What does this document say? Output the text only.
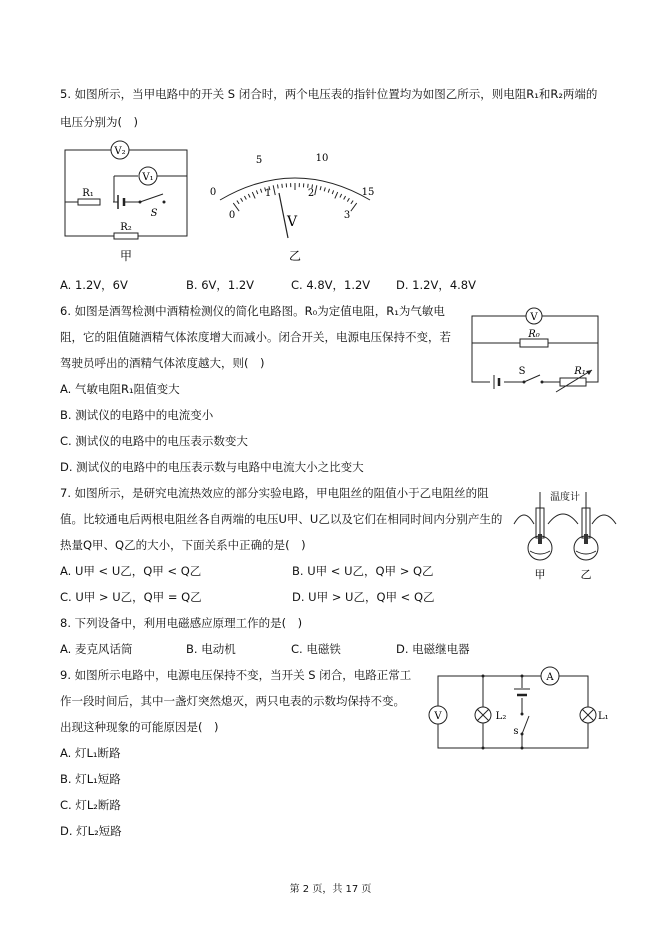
5. 如图所示，当甲电路中的开关 S 闭合时，两个电压表的指针位置均为如图乙所示，则电阻R₁和R₂两端的
电压分别为(　)
V₂
V₁
R₁
R₂
S
甲
0
5	10
15
0
1	2
3
V
乙
A. 1.2V，6V	B. 6V，1.2V	C. 4.8V，1.2V D. 1.2V，4.8V
6. 如图是酒驾检测中酒精检测仪的简化电路图。R₀为定值电阻，R₁为气敏电
阻，它的阻值随酒精气体浓度增大而减小。闭合开关，电源电压保持不变，若
驾驶员呼出的酒精气体浓度越大，则(　)
A. 气敏电阻R₁阻值变大
B. 测试仪的电路中的电流变小
C. 测试仪的电路中的电压表示数变大
D. 测试仪的电路中的电压表示数与电路中电流大小之比变大
V
R₀
S	R₁
7. 如图所示，是研究电流热效应的部分实验电路，甲电阻丝的阻值小于乙电阻丝的阻
值。比较通电后两根电阻丝各自两端的电压U甲、U乙以及它们在相同时间内分别产生的
热量Q甲、Q乙的大小，下面关系中正确的是(　)
A. U甲 < U乙，Q甲 < Q乙	B. U甲 < U乙，Q甲 > Q乙
C. U甲 > U乙，Q甲 = Q乙	D. U甲 > U乙，Q甲 < Q乙
温度计
甲	乙
8. 下列设备中，利用电磁感应原理工作的是(　)
A. 麦克风话筒	B. 电动机	C. 电磁铁	D. 电磁继电器
9. 如图所示电路中，电源电压保持不变，当开关 S 闭合，电路正常工
作一段时间后，其中一盏灯突然熄灭，两只电表的示数均保持不变。
出现这种现象的可能原因是(　)
A. 灯L₁断路
B. 灯L₁短路
C. 灯L₂断路
D. 灯L₂短路
A
V	L₂
s
L₁
第 2 页，共 17 页
